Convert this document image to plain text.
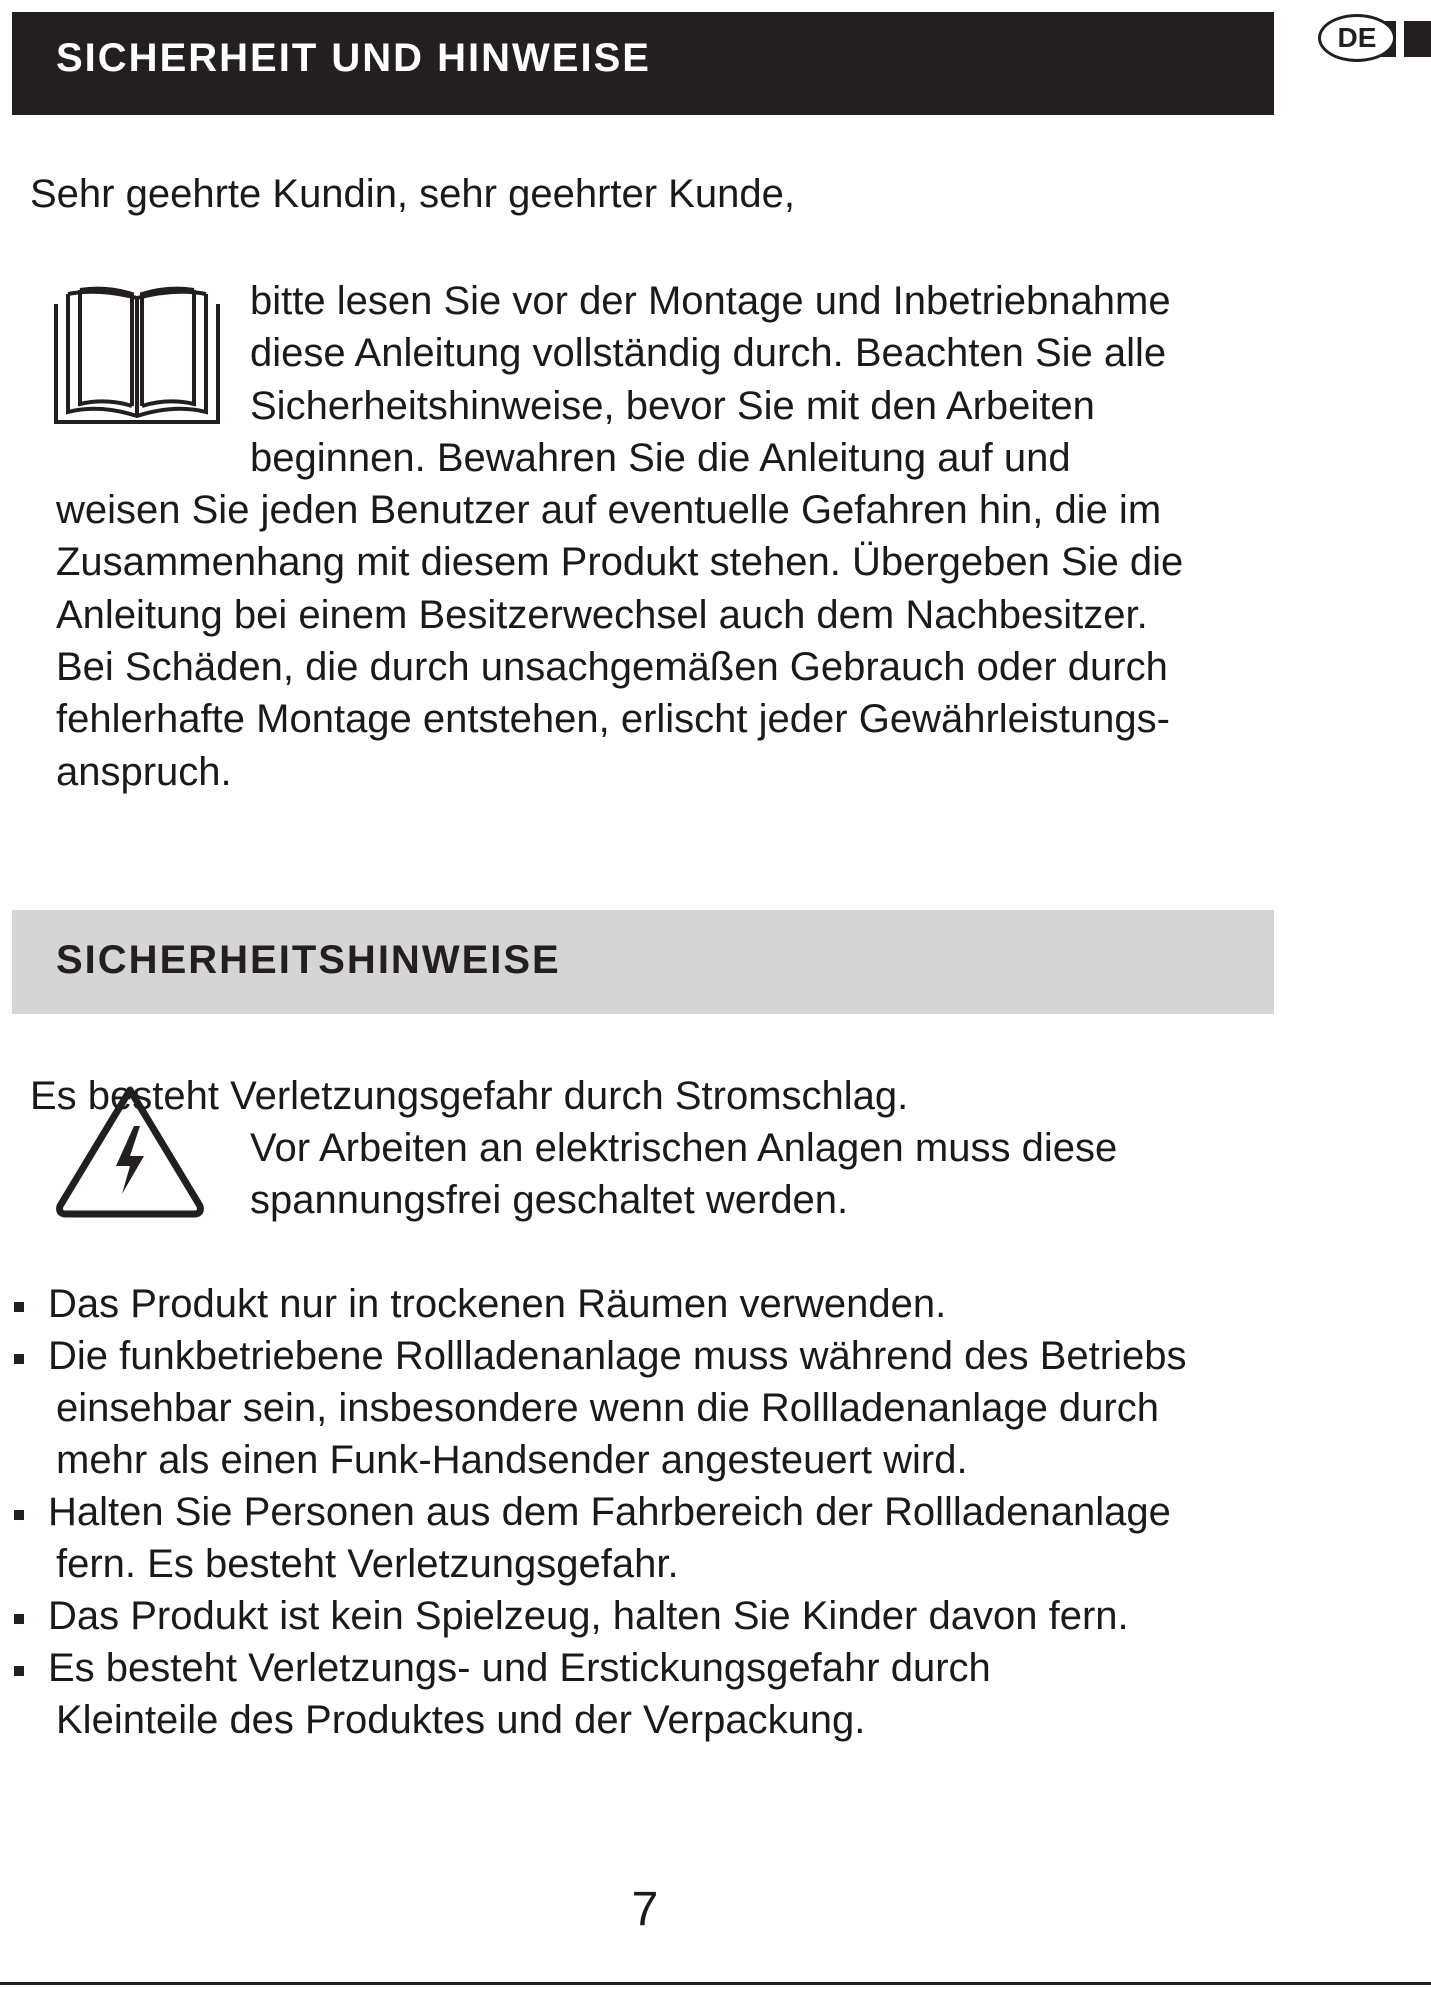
SICHERHEIT UND HINWEISE	DE
Sehr geehrte Kundin, sehr geehrter Kunde,
bitte lesen Sie vor der Montage und Inbetriebnahme
diese Anleitung vollständig durch. Beachten Sie alle
Sicherheitshinweise, bevor Sie mit den Arbeiten
beginnen. Bewahren Sie die Anleitung auf und
weisen Sie jeden Benutzer auf eventuelle Gefahren hin, die im
Zusammenhang mit diesem Produkt stehen. Übergeben Sie die
Anleitung bei einem Besitzerwechsel auch dem Nachbesitzer.
Bei Schäden, die durch unsachgemäßen Gebrauch oder durch
fehlerhafte Montage entstehen, erlischt jeder Gewährleistungs-
anspruch.
SICHERHEITSHINWEISE
Es besteht Verletzungsgefahr durch Stromschlag.
Vor Arbeiten an elektrischen Anlagen muss diese
spannungsfrei geschaltet werden.
Das Produkt nur in trockenen Räumen verwenden.
Die funkbetriebene Rollladenanlage muss während des Betriebs
einsehbar sein, insbesondere wenn die Rollladenanlage durch
mehr als einen Funk-Handsender angesteuert wird.
Halten Sie Personen aus dem Fahrbereich der Rollladenanlage
fern. Es besteht Verletzungsgefahr.
Das Produkt ist kein Spielzeug, halten Sie Kinder davon fern.
Es besteht Verletzungs- und Erstickungsgefahr durch
Kleinteile des Produktes und der Verpackung.
7
